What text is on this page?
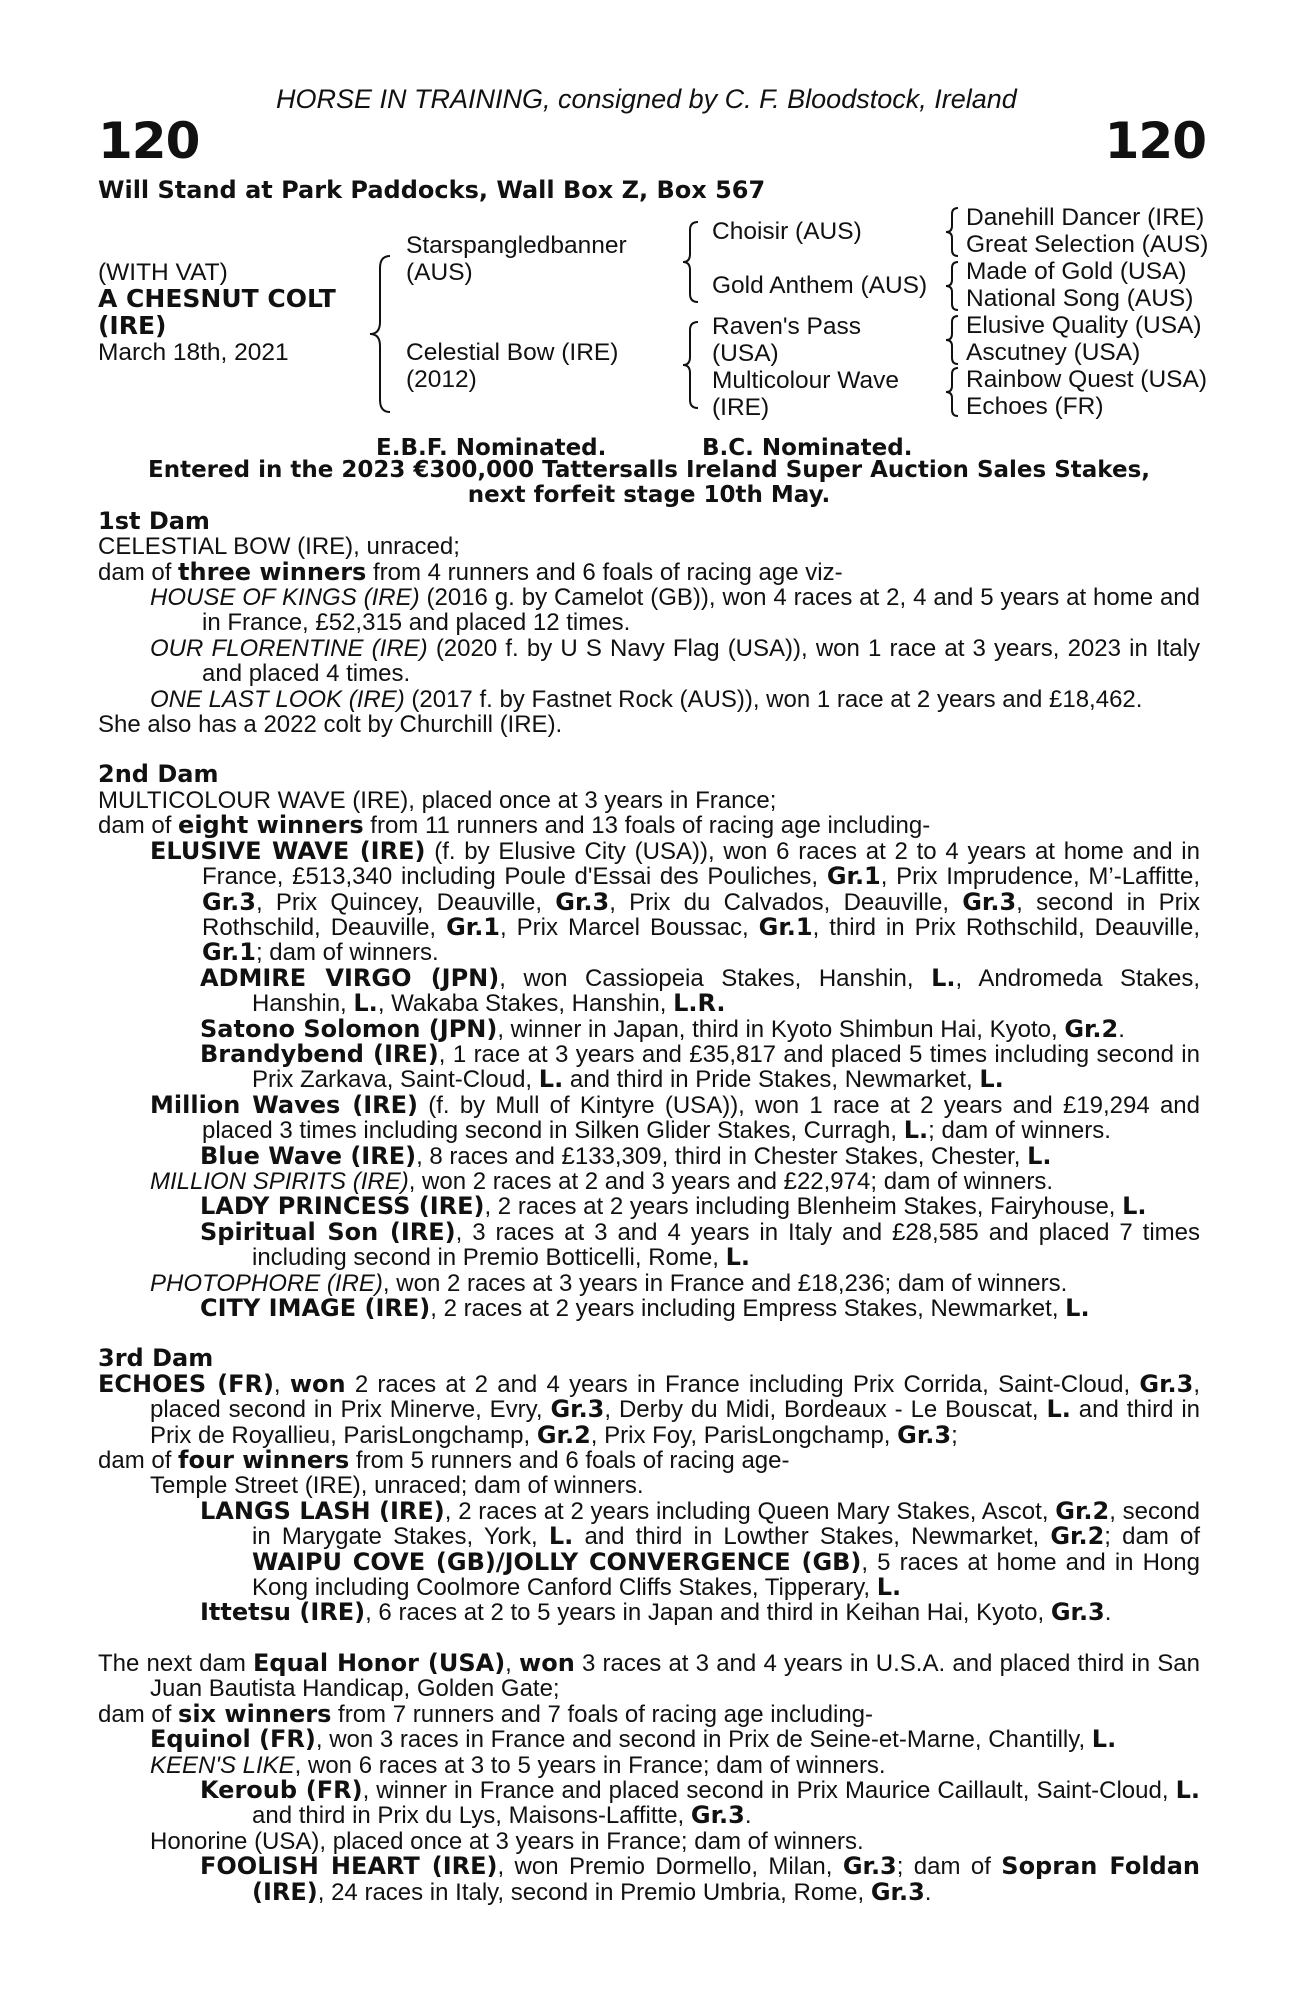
HORSE IN TRAINING, consigned by C. F. Bloodstock, Ireland
120	120
Will Stand at Park Paddocks, Wall Box Z, Box 567
(WITH VAT)
A CHESNUT COLT
(IRE)
March 18th, 2021
Starspangledbanner
(AUS)
Celestial Bow (IRE)
(2012)
Choisir (AUS)
Gold Anthem (AUS)
Raven's Pass
(USA)
Multicolour Wave
(IRE)
Danehill Dancer (IRE)
Great Selection (AUS)
Made of Gold (USA)
National Song (AUS)
Elusive Quality (USA)
Ascutney (USA)
Rainbow Quest (USA)
Echoes (FR)
E.B.F. Nominated.	B.C. Nominated.

Entered in the 2023 €300,000 Tattersalls Ireland Super Auction Sales Stakes,
next forfeit stage 10th May.

1st Dam

CELESTIAL BOW (IRE), unraced;

dam of three winners from 4 runners and 6 foals of racing age viz-

HOUSE OF KINGS (IRE) (2016 g. by Camelot (GB)), won 4 races at 2, 4 and 5 years at home and in France, £52,315 and placed 12 times.

OUR FLORENTINE (IRE) (2020 f. by U S Navy Flag (USA)), won 1 race at 3 years, 2023 in Italy and placed 4 times.

ONE LAST LOOK (IRE) (2017 f. by Fastnet Rock (AUS)), won 1 race at 2 years and £18,462.

She also has a 2022 colt by Churchill (IRE).

2nd Dam

MULTICOLOUR WAVE (IRE), placed once at 3 years in France;

dam of eight winners from 11 runners and 13 foals of racing age including-

ELUSIVE WAVE (IRE) (f. by Elusive City (USA)), won 6 races at 2 to 4 years at home and in France, £513,340 including Poule d'Essai des Pouliches, Gr.1, Prix Imprudence, M’-Laffitte, Gr.3, Prix Quincey, Deauville, Gr.3, Prix du Calvados, Deauville, Gr.3, second in Prix Rothschild, Deauville, Gr.1, Prix Marcel Boussac, Gr.1, third in Prix Rothschild, Deauville, Gr.1; dam of winners.

ADMIRE VIRGO (JPN), won Cassiopeia Stakes, Hanshin, L., Andromeda Stakes, Hanshin, L., Wakaba Stakes, Hanshin, L.R.

Satono Solomon (JPN), winner in Japan, third in Kyoto Shimbun Hai, Kyoto, Gr.2.

Brandybend (IRE), 1 race at 3 years and £35,817 and placed 5 times including second in Prix Zarkava, Saint-Cloud, L. and third in Pride Stakes, Newmarket, L.

Million Waves (IRE) (f. by Mull of Kintyre (USA)), won 1 race at 2 years and £19,294 and placed 3 times including second in Silken Glider Stakes, Curragh, L.; dam of winners.

Blue Wave (IRE), 8 races and £133,309, third in Chester Stakes, Chester, L.

MILLION SPIRITS (IRE), won 2 races at 2 and 3 years and £22,974; dam of winners.

LADY PRINCESS (IRE), 2 races at 2 years including Blenheim Stakes, Fairyhouse, L.

Spiritual Son (IRE), 3 races at 3 and 4 years in Italy and £28,585 and placed 7 times including second in Premio Botticelli, Rome, L.

PHOTOPHORE (IRE), won 2 races at 3 years in France and £18,236; dam of winners.

CITY IMAGE (IRE), 2 races at 2 years including Empress Stakes, Newmarket, L.

3rd Dam

ECHOES (FR), won 2 races at 2 and 4 years in France including Prix Corrida, Saint-Cloud, Gr.3, placed second in Prix Minerve, Evry, Gr.3, Derby du Midi, Bordeaux - Le Bouscat, L. and third in Prix de Royallieu, ParisLongchamp, Gr.2, Prix Foy, ParisLongchamp, Gr.3;

dam of four winners from 5 runners and 6 foals of racing age-

Temple Street (IRE), unraced; dam of winners.

LANGS LASH (IRE), 2 races at 2 years including Queen Mary Stakes, Ascot, Gr.2, second in Marygate Stakes, York, L. and third in Lowther Stakes, Newmarket, Gr.2; dam of WAIPU COVE (GB)/JOLLY CONVERGENCE (GB), 5 races at home and in Hong Kong including Coolmore Canford Cliffs Stakes, Tipperary, L.

Ittetsu (IRE), 6 races at 2 to 5 years in Japan and third in Keihan Hai, Kyoto, Gr.3.

The next dam Equal Honor (USA), won 3 races at 3 and 4 years in U.S.A. and placed third in San Juan Bautista Handicap, Golden Gate;

dam of six winners from 7 runners and 7 foals of racing age including-

Equinol (FR), won 3 races in France and second in Prix de Seine-et-Marne, Chantilly, L.

KEEN'S LIKE, won 6 races at 3 to 5 years in France; dam of winners.

Keroub (FR), winner in France and placed second in Prix Maurice Caillault, Saint-Cloud, L. and third in Prix du Lys, Maisons-Laffitte, Gr.3.

Honorine (USA), placed once at 3 years in France; dam of winners.

FOOLISH HEART (IRE), won Premio Dormello, Milan, Gr.3; dam of Sopran Foldan (IRE), 24 races in Italy, second in Premio Umbria, Rome, Gr.3.
